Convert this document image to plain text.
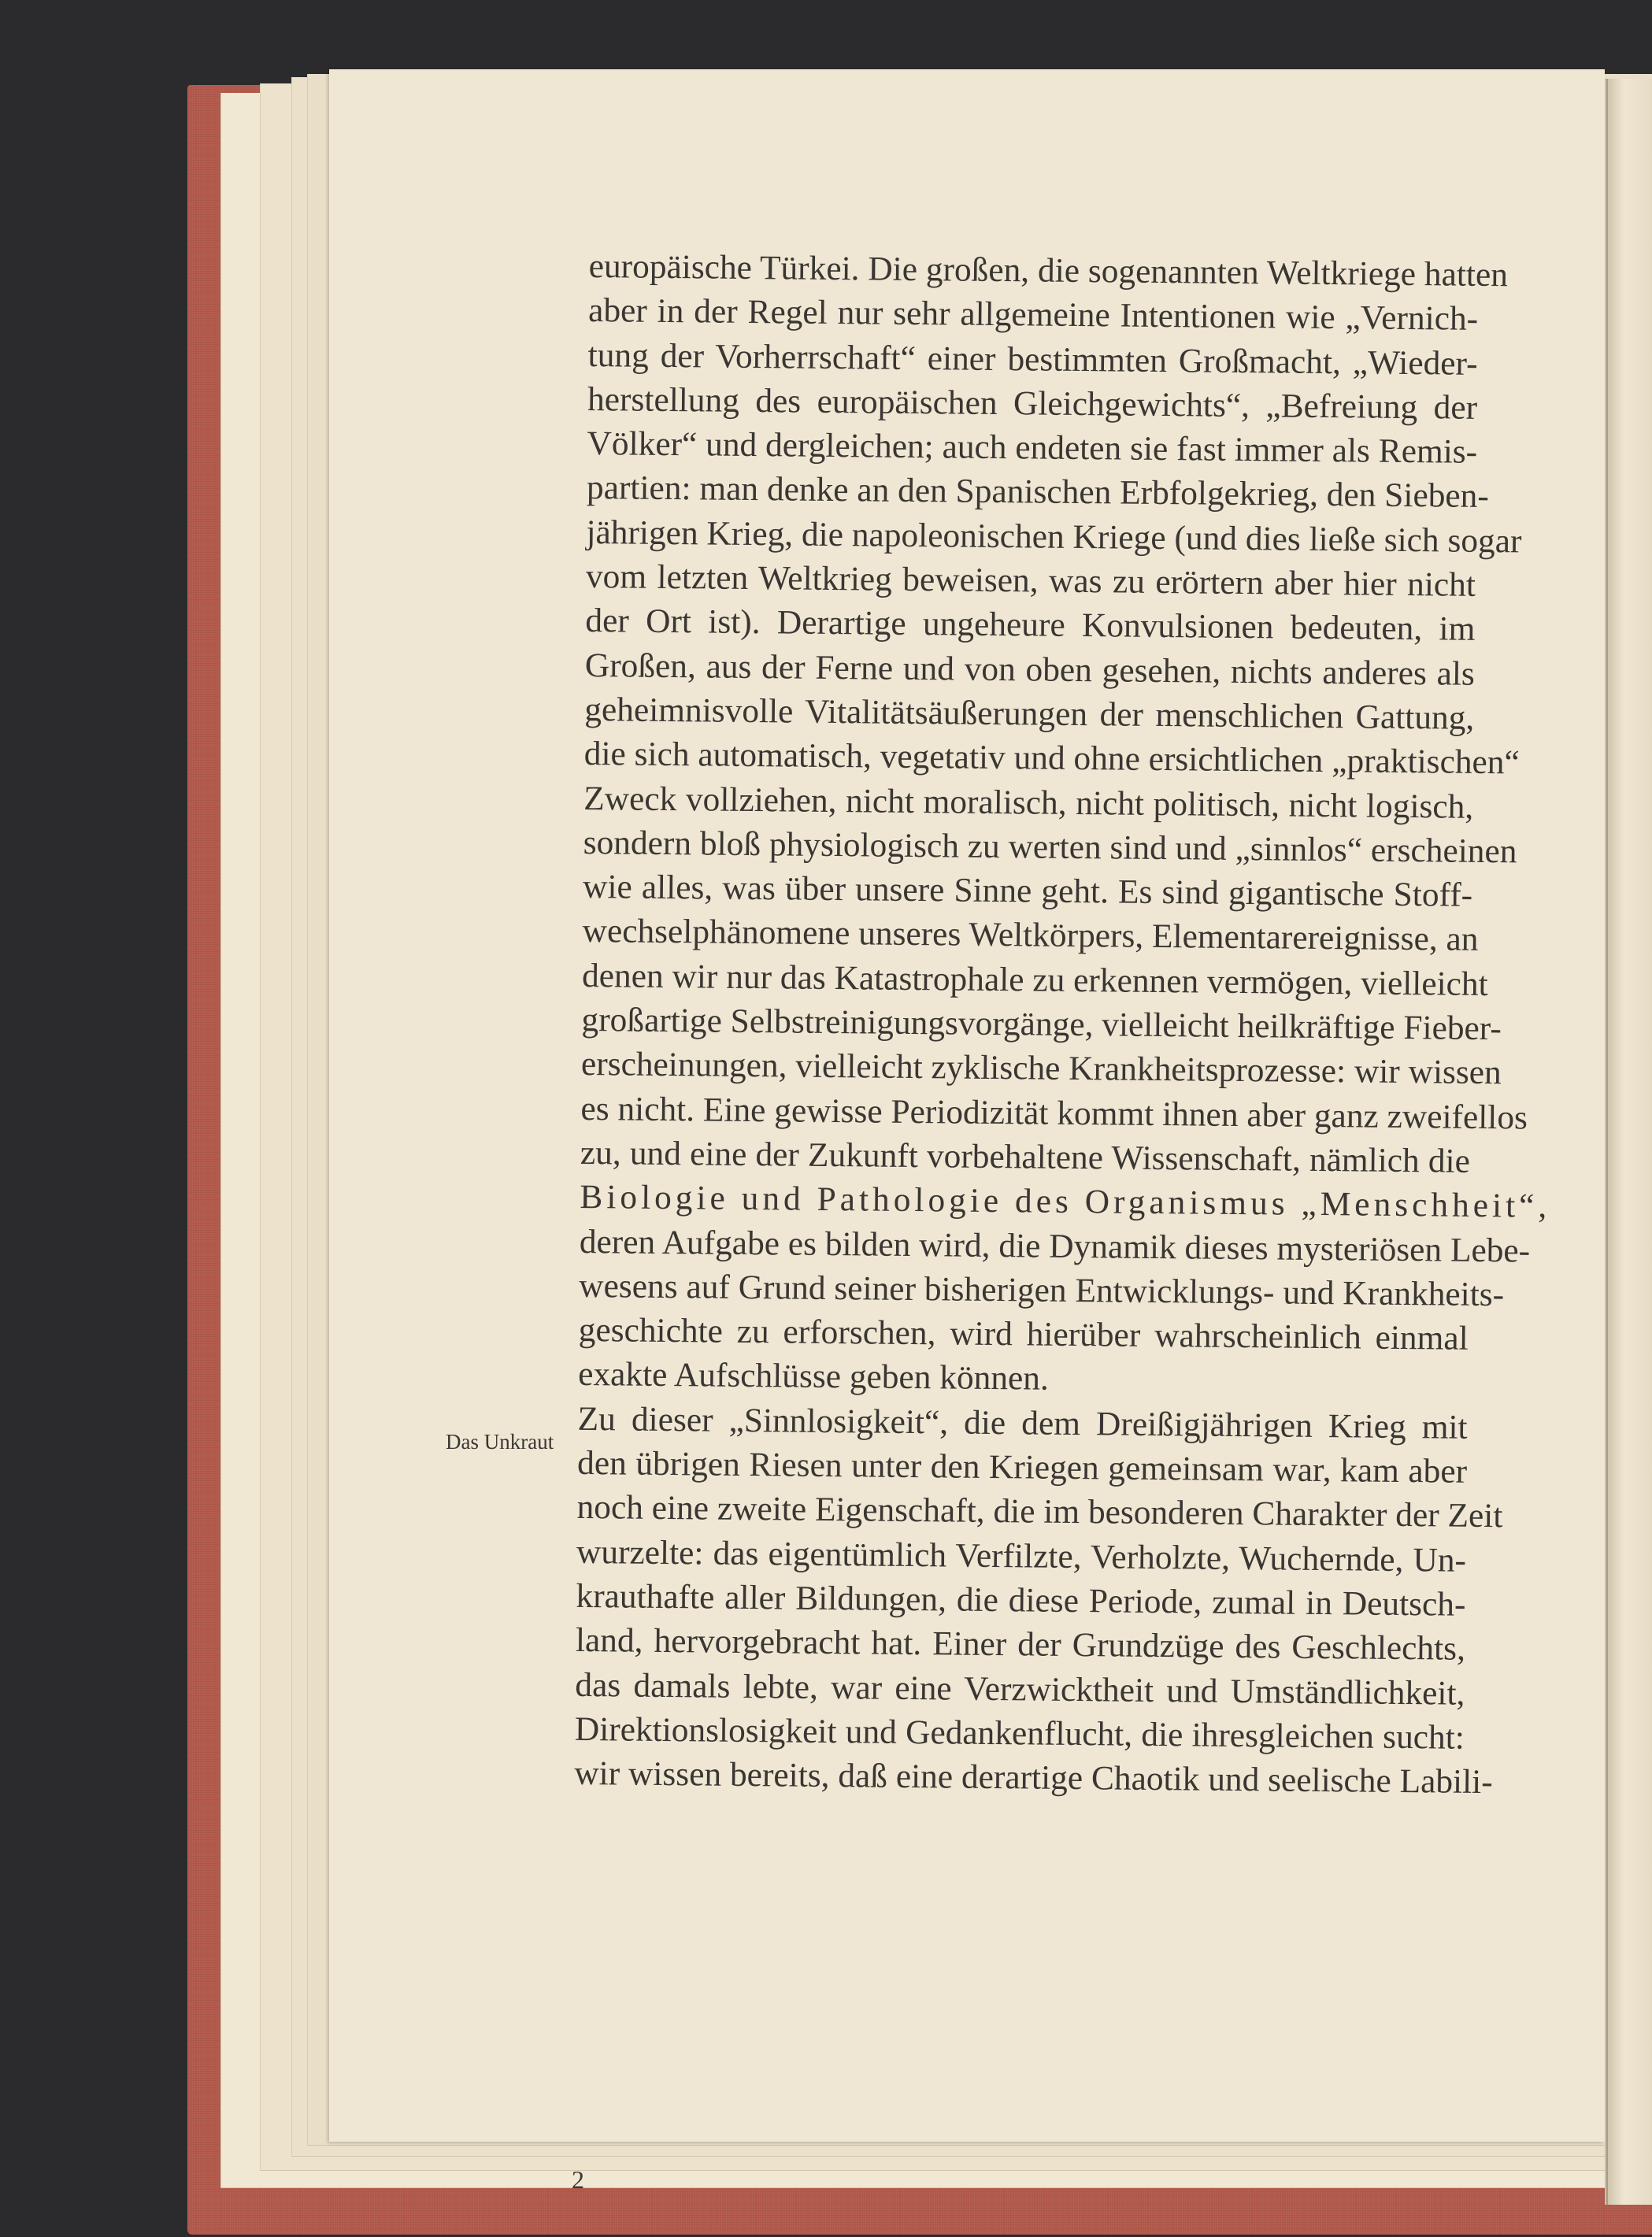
europäische Türkei. Die großen, die sogenannten Weltkriege hatten
aber in der Regel nur sehr allgemeine Intentionen wie „Vernich-
tung der Vorherrschaft“ einer bestimmten Großmacht, „Wieder-
herstellung des europäischen Gleichgewichts“, „Befreiung der
Völker“ und dergleichen; auch endeten sie fast immer als Remis-
partien: man denke an den Spanischen Erbfolgekrieg, den Sieben-
jährigen Krieg, die napoleonischen Kriege (und dies ließe sich sogar
vom letzten Weltkrieg beweisen, was zu erörtern aber hier nicht
der Ort ist). Derartige ungeheure Konvulsionen bedeuten, im
Großen, aus der Ferne und von oben gesehen, nichts anderes als
geheimnisvolle Vitalitätsäußerungen der menschlichen Gattung,
die sich automatisch, vegetativ und ohne ersichtlichen „praktischen“
Zweck vollziehen, nicht moralisch, nicht politisch, nicht logisch,
sondern bloß physiologisch zu werten sind und „sinnlos“ erscheinen
wie alles, was über unsere Sinne geht. Es sind gigantische Stoff-
wechselphänomene unseres Weltkörpers, Elementarereignisse, an
denen wir nur das Katastrophale zu erkennen vermögen, vielleicht
großartige Selbstreinigungsvorgänge, vielleicht heilkräftige Fieber-
erscheinungen, vielleicht zyklische Krankheitsprozesse: wir wissen
es nicht. Eine gewisse Periodizität kommt ihnen aber ganz zweifellos
zu, und eine der Zukunft vorbehaltene Wissenschaft, nämlich die
Biologie und Pathologie des Organismus „Menschheit“,
deren Aufgabe es bilden wird, die Dynamik dieses mysteriösen Lebe-
wesens auf Grund seiner bisherigen Entwicklungs- und Krankheits-
geschichte zu erforschen, wird hierüber wahrscheinlich einmal
exakte Aufschlüsse geben können.
Zu dieser „Sinnlosigkeit“, die dem Dreißigjährigen Krieg mit
den übrigen Riesen unter den Kriegen gemeinsam war, kam aber
noch eine zweite Eigenschaft, die im besonderen Charakter der Zeit
wurzelte: das eigentümlich Verfilzte, Verholzte, Wuchernde, Un-
krauthafte aller Bildungen, die diese Periode, zumal in Deutsch-
land, hervorgebracht hat. Einer der Grundzüge des Geschlechts,
das damals lebte, war eine Verzwicktheit und Umständlichkeit,
Direktionslosigkeit und Gedankenflucht, die ihresgleichen sucht:
wir wissen bereits, daß eine derartige Chaotik und seelische Labili-
Das Unkraut
2
